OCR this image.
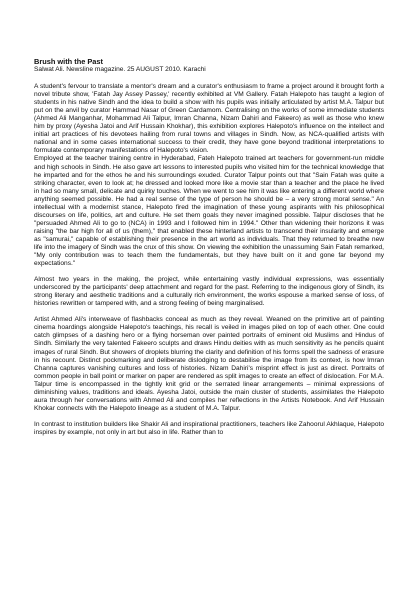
Brush with the Past

Salwat Ali. Newsline magazine. 25 AUGUST 2010. Karachi

A student's fervour to translate a mentor's dream and a curator's enthusiasm to frame a project around it brought forth a novel tribute show, 'Fatah Jay Assey Passey,' recently exhibited at VM Gallery. Fatah Halepoto has taught a legion of students in his native Sindh and the idea to build a show with his pupils was initially articulated by artist M.A. Talpur but put on the anvil by curator Hammad Nasar of Green Cardamom. Centralising on the works of some immediate students (Ahmed Ali Manganhar, Mohammad Ali Talpur, Imran Channa, Nizam Dahiri and Fakeero) as well as those who knew him by proxy (Ayesha Jatoi and Arif Hussain Khokhar), this exhibition explores Halepoto's influence on the intellect and initial art practices of his devotees hailing from rural towns and villages in Sindh. Now, as NCA-qualified artists with national and in some cases international success to their credit, they have gone beyond traditional interpretations to formulate contemporary manifestations of Halepoto's vision.

Employed at the teacher training centre in Hyderabad, Fateh Halepoto trained art teachers for government-run middle and high schools in Sindh. He also gave art lessons to interested pupils who visited him for the technical knowledge that he imparted and for the ethos he and his surroundings exuded. Curator Talpur points out that "Sain Fatah was quite a striking character, even to look at; he dressed and looked more like a movie star than a teacher and the place he lived in had so many small, delicate and quirky touches. When we went to see him it was like entering a different world where anything seemed possible. He had a real sense of the type of person he should be – a very strong moral sense." An intellectual with a modernist stance, Halepoto fired the imagination of these young aspirants with his philosophical discourses on life, politics, art and culture. He set them goals they never imagined possible. Talpur discloses that he "persuaded Ahmed Ali to go to (NCA) in 1993 and I followed him in 1994." Other than widening their horizons it was raising "the bar high for all of us (them)," that enabled these hinterland artists to transcend their insularity and emerge as "samurai," capable of establishing their presence in the art world as individuals. That they returned to breathe new life into the imagery of Sindh was the crux of this show. On viewing the exhibition the unassuming Sain Fatah remarked, "My only contribution was to teach them the fundamentals, but they have built on it and gone far beyond my expectations."

Almost two years in the making, the project, while entertaining vastly individual expressions, was essentially underscored by the participants' deep attachment and regard for the past. Referring to the indigenous glory of Sindh, its strong literary and aesthetic traditions and a culturally rich environment, the works espouse a marked sense of loss, of histories rewritten or tampered with, and a strong feeling of being marginalised.

Artist Ahmed Ali's interweave of flashbacks conceal as much as they reveal. Weaned on the primitive art of painting cinema hoardings alongside Halepoto's teachings, his recall is veiled in images piled on top of each other. One could catch glimpses of a dashing hero or a flying horseman over painted portraits of eminent old Muslims and Hindus of Sindh. Similarly the very talented Fakeero sculpts and draws Hindu deities with as much sensitivity as he pencils quaint images of rural Sindh. But showers of droplets blurring the clarity and definition of his forms spell the sadness of erasure in his recount. Distinct pockmarking and deliberate dislodging to destabilise the image from its context, is how Imran Channa captures vanishing cultures and loss of histories. Nizam Dahiri's misprint effect is just as direct. Portraits of common people in ball point or marker on paper are rendered as split images to create an effect of dislocation. For M.A. Talpur time is encompassed in the tightly knit grid or the serrated linear arrangements – minimal expressions of diminishing values, traditions and ideals. Ayesha Jatoi, outside the main cluster of students, assimilates the Halepoto aura through her conversations with Ahmed Ali and compiles her reflections in the Artists Notebook. And Arif Hussain Khokar connects with the Halepoto lineage as a student of M.A. Talpur.

In contrast to institution builders like Shakir Ali and inspirational practitioners, teachers like Zahoorul Akhlaque, Halepoto inspires by example, not only in art but also in life. Rather than to
